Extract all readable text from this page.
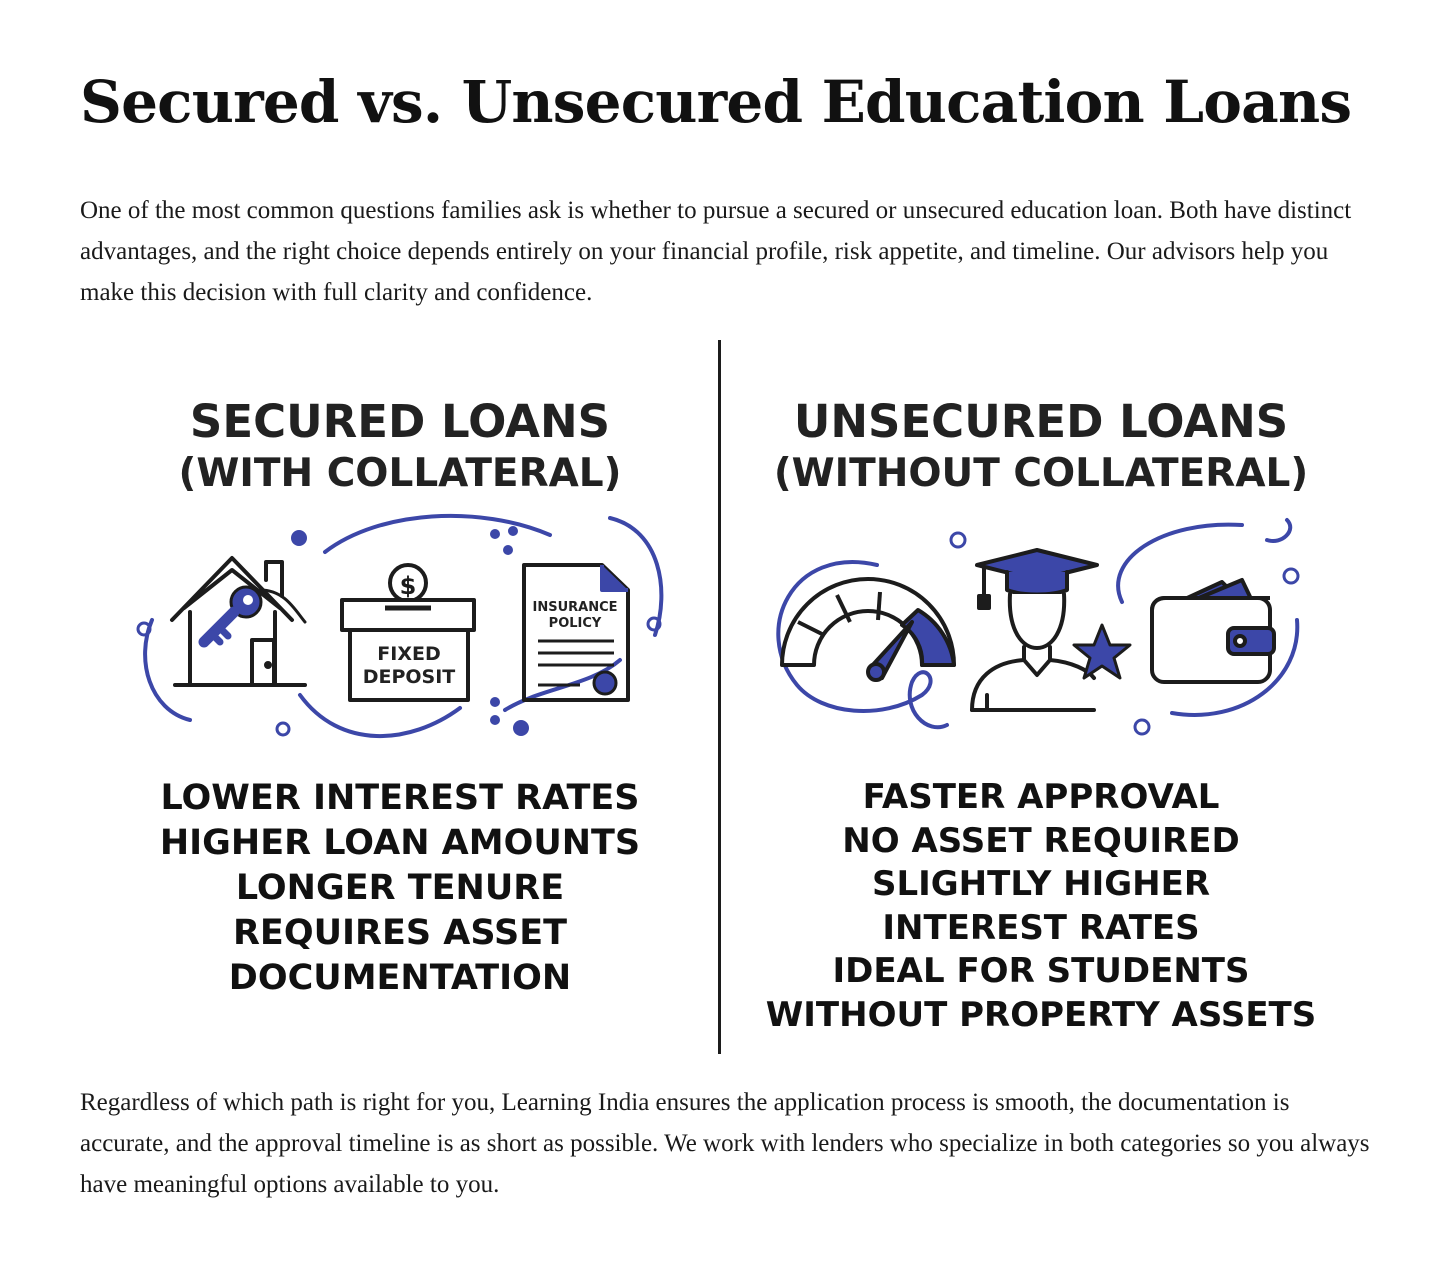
Secured vs. Unsecured Education Loans

One of the most common questions families ask is whether to pursue a secured or unsecured education loan. Both have distinct advantages, and the right choice depends entirely on your financial profile, risk appetite, and timeline. Our advisors help you make this decision with full clarity and confidence.

SECURED LOANS
(WITH COLLATERAL)
$
FIXED
DEPOSIT
INSURANCE
POLICY
LOWER INTEREST RATES
HIGHER LOAN AMOUNTS
LONGER TENURE
REQUIRES ASSET
DOCUMENTATION
UNSECURED LOANS
(WITHOUT COLLATERAL)
FASTER APPROVAL
NO ASSET REQUIRED
SLIGHTLY HIGHER
INTEREST RATES
IDEAL FOR STUDENTS
WITHOUT PROPERTY ASSETS

Regardless of which path is right for you, Learning India ensures the application process is smooth, the documentation is accurate, and the approval timeline is as short as possible. We work with lenders who specialize in both categories so you always have meaningful options available to you.
